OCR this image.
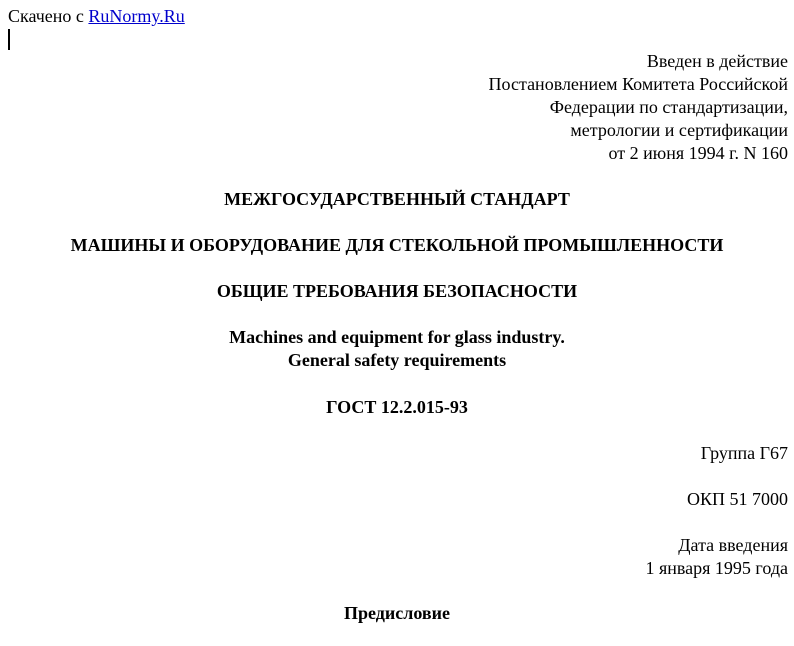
Скачено с RuNormy.Ru
Введен в действие
Постановлением Комитета Российской
Федерации по стандартизации,
метрологии и сертификации
от 2 июня 1994 г. N 160
МЕЖГОСУДАРСТВЕННЫЙ СТАНДАРТ
МАШИНЫ И ОБОРУДОВАНИЕ ДЛЯ СТЕКОЛЬНОЙ ПРОМЫШЛЕННОСТИ
ОБЩИЕ ТРЕБОВАНИЯ БЕЗОПАСНОСТИ
Machines and equipment for glass industry.
General safety requirements
ГОСТ 12.2.015-93
Группа Г67
ОКП 51 7000
Дата введения
1 января 1995 года
Предисловие
